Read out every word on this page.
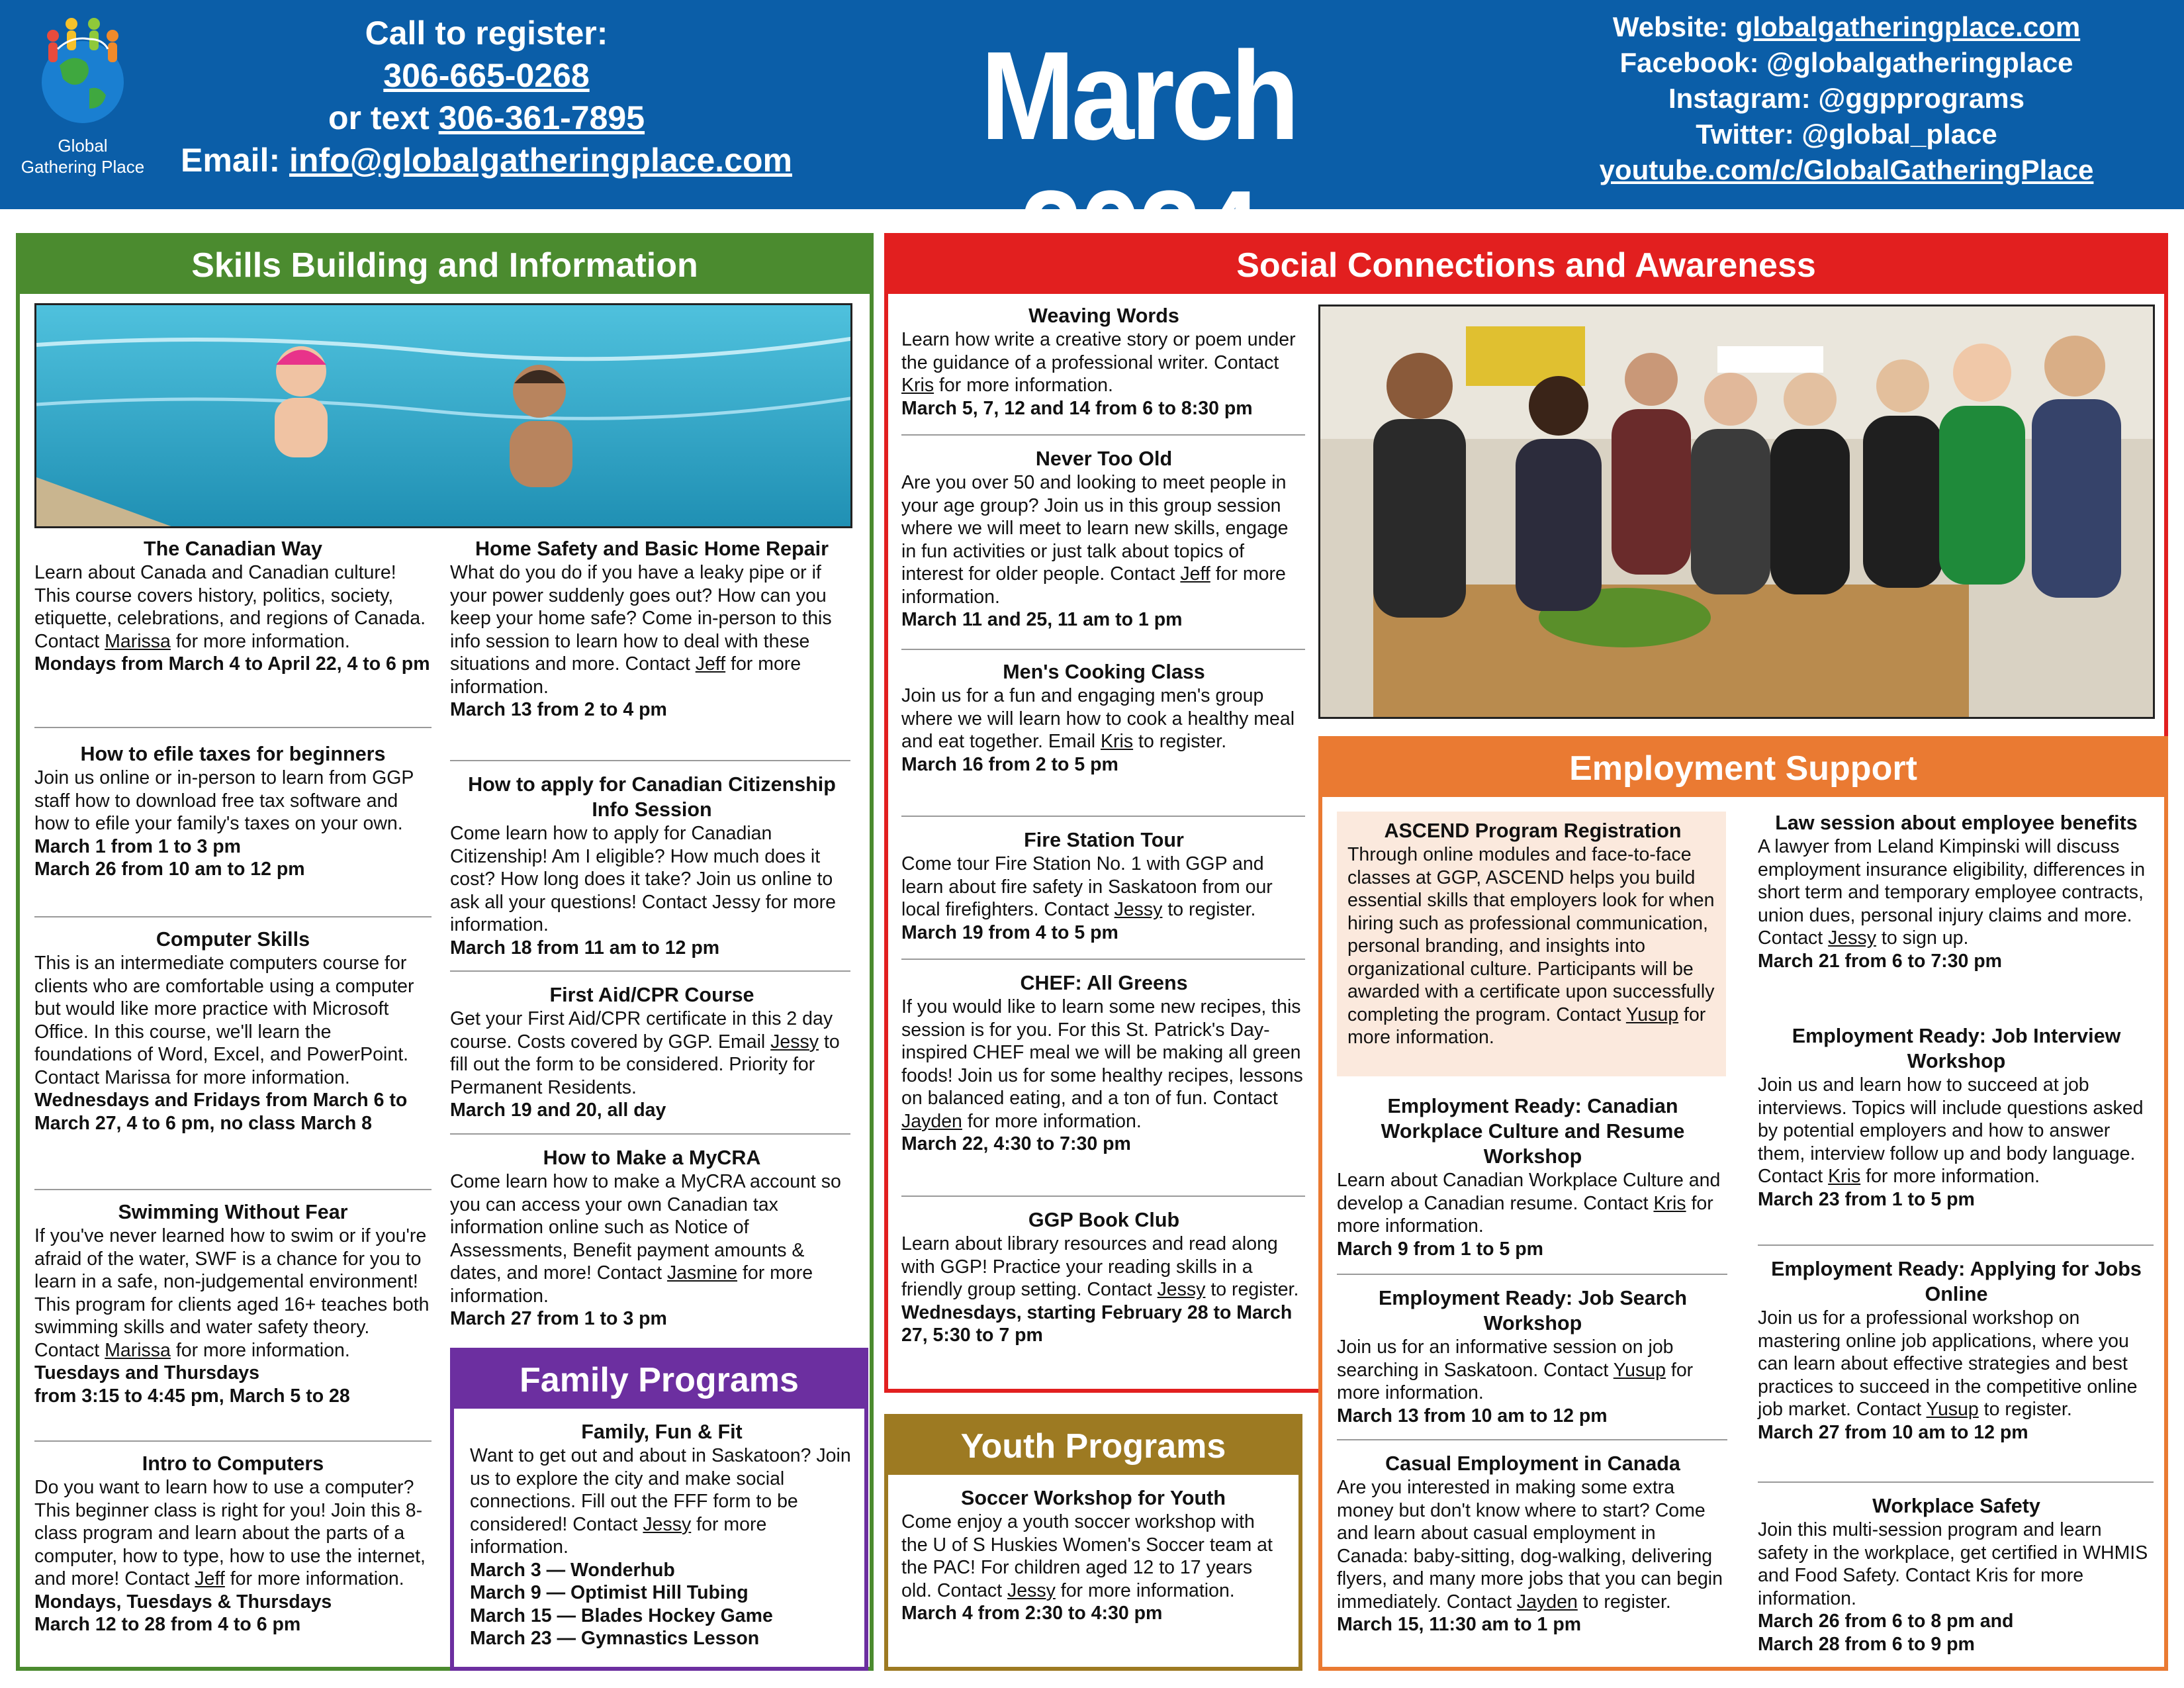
Global
Gathering Place
Call to register:
306-665-0268
or text 306-361-7895
Email: info@globalgatheringplace.com	March	Website: globalgatheringplace.com
Facebook: @globalgatheringplace
Instagram: @ggpprograms
Twitter: @global_place
youtube.com/c/GlobalGatheringPlace
Skills Building and Information
The Canadian Way
Learn about Canada and Canadian culture! This course covers history, politics, society, etiquette, celebrations, and regions of Canada. Contact Marissa for more information.
Mondays from March 4 to April 22, 4 to 6 pm
How to efile taxes for beginners
Join us online or in-person to learn from GGP staff how to download free tax software and how to efile your family's taxes on your own.
March 1 from 1 to 3 pm
March 26 from 10 am to 12 pm
Computer Skills
This is an intermediate computers course for clients who are comfortable using a computer but would like more practice with Microsoft Office. In this course, we'll learn the foundations of Word, Excel, and PowerPoint. Contact Marissa for more information.
Wednesdays and Fridays from March 6 to March 27, 4 to 6 pm, no class March 8
Swimming Without Fear
If you've never learned how to swim or if you're afraid of the water, SWF is a chance for you to learn in a safe, non-judgemental environment! This program for clients aged 16+ teaches both swimming skills and water safety theory. Contact Marissa for more information.
Tuesdays and Thursdays
from 3:15 to 4:45 pm, March 5 to 28
Intro to Computers
Do you want to learn how to use a computer? This beginner class is right for you! Join this 8-class program and learn about the parts of a computer, how to type, how to use the internet, and more! Contact Jeff for more information.
Mondays, Tuesdays & Thursdays
March 12 to 28 from 4 to 6 pm
Home Safety and Basic Home Repair
What do you do if you have a leaky pipe or if your power suddenly goes out? How can you keep your home safe? Come in-person to this info session to learn how to deal with these situations and more. Contact Jeff for more information.
March 13 from 2 to 4 pm
How to apply for Canadian Citizenship Info Session
Come learn how to apply for Canadian Citizenship! Am I eligible? How much does it cost? How long does it take? Join us online to ask all your questions! Contact Jessy for more information.
March 18 from 11 am to 12 pm
First Aid/CPR Course
Get your First Aid/CPR certificate in this 2 day course. Costs covered by GGP. Email Jessy to fill out the form to be considered. Priority for Permanent Residents.
March 19 and 20, all day
How to Make a MyCRA
Come learn how to make a MyCRA account so you can access your own Canadian tax information online such as Notice of Assessments, Benefit payment amounts & dates, and more! Contact Jasmine for more information.
March 27 from 1 to 3 pm
Family Programs
Family, Fun & Fit
Want to get out and about in Saskatoon? Join us to explore the city and make social connections. Fill out the FFF form to be considered! Contact Jessy for more information.
March 3 — Wonderhub
March 9 — Optimist Hill Tubing
March 15 — Blades Hockey Game
March 23 — Gymnastics Lesson
Social Connections and Awareness
Weaving Words
Learn how write a creative story or poem under the guidance of a professional writer. Contact Kris for more information.
March 5, 7, 12 and 14 from 6 to 8:30 pm
Never Too Old
Are you over 50 and looking to meet people in your age group? Join us in this group session where we will meet to learn new skills, engage in fun activities or just talk about topics of interest for older people. Contact Jeff for more information.
March 11 and 25, 11 am to 1 pm
Men's Cooking Class
Join us for a fun and engaging men's group where we will learn how to cook a healthy meal and eat together. Email Kris to register.
March 16 from 2 to 5 pm
Fire Station Tour
Come tour Fire Station No. 1 with GGP and learn about fire safety in Saskatoon from our local firefighters. Contact Jessy to register.
March 19 from 4 to 5 pm
CHEF: All Greens
If you would like to learn some new recipes, this session is for you. For this St. Patrick's Day-inspired CHEF meal we will be making all green foods! Join us for some healthy recipes, lessons on balanced eating, and a ton of fun. Contact Jayden for more information.
March 22, 4:30 to 7:30 pm
GGP Book Club
Learn about library resources and read along with GGP! Practice your reading skills in a friendly group setting. Contact Jessy to register.
Wednesdays, starting February 28 to March 27, 5:30 to 7 pm
Youth Programs
Soccer Workshop for Youth
Come enjoy a youth soccer workshop with the U of S Huskies Women's Soccer team at the PAC! For children aged 12 to 17 years old. Contact Jessy for more information.
March 4 from 2:30 to 4:30 pm
Employment Support
ASCEND Program Registration
Through online modules and face-to-face classes at GGP, ASCEND helps you build essential skills that employers look for when hiring such as professional communication, personal branding, and insights into organizational culture. Participants will be awarded with a certificate upon successfully completing the program. Contact Yusup for more information.
Employment Ready: Canadian Workplace Culture and Resume Workshop
Learn about Canadian Workplace Culture and develop a Canadian resume. Contact Kris for more information.
March 9 from 1 to 5 pm
Employment Ready: Job Search Workshop
Join us for an informative session on job searching in Saskatoon. Contact Yusup for more information.
March 13 from 10 am to 12 pm
Casual Employment in Canada
Are you interested in making some extra money but don't know where to start? Come and learn about casual employment in Canada: baby-sitting, dog-walking, delivering flyers, and many more jobs that you can begin immediately. Contact Jayden to register.
March 15, 11:30 am to 1 pm
Law session about employee benefits
A lawyer from Leland Kimpinski will discuss employment insurance eligibility, differences in short term and temporary employee contracts, union dues, personal injury claims and more. Contact Jessy to sign up.
March 21 from 6 to 7:30 pm
Employment Ready: Job Interview Workshop
Join us and learn how to succeed at job interviews. Topics will include questions asked by potential employers and how to answer them, interview follow up and body language. Contact Kris for more information.
March 23 from 1 to 5 pm
Employment Ready: Applying for Jobs Online
Join us for a professional workshop on mastering online job applications, where you can learn about effective strategies and best practices to succeed in the competitive online job market. Contact Yusup to register.
March 27 from 10 am to 12 pm
Workplace Safety
Join this multi-session program and learn safety in the workplace, get certified in WHMIS and Food Safety. Contact Kris for more information.
March 26 from 6 to 8 pm and
March 28 from 6 to 9 pm
